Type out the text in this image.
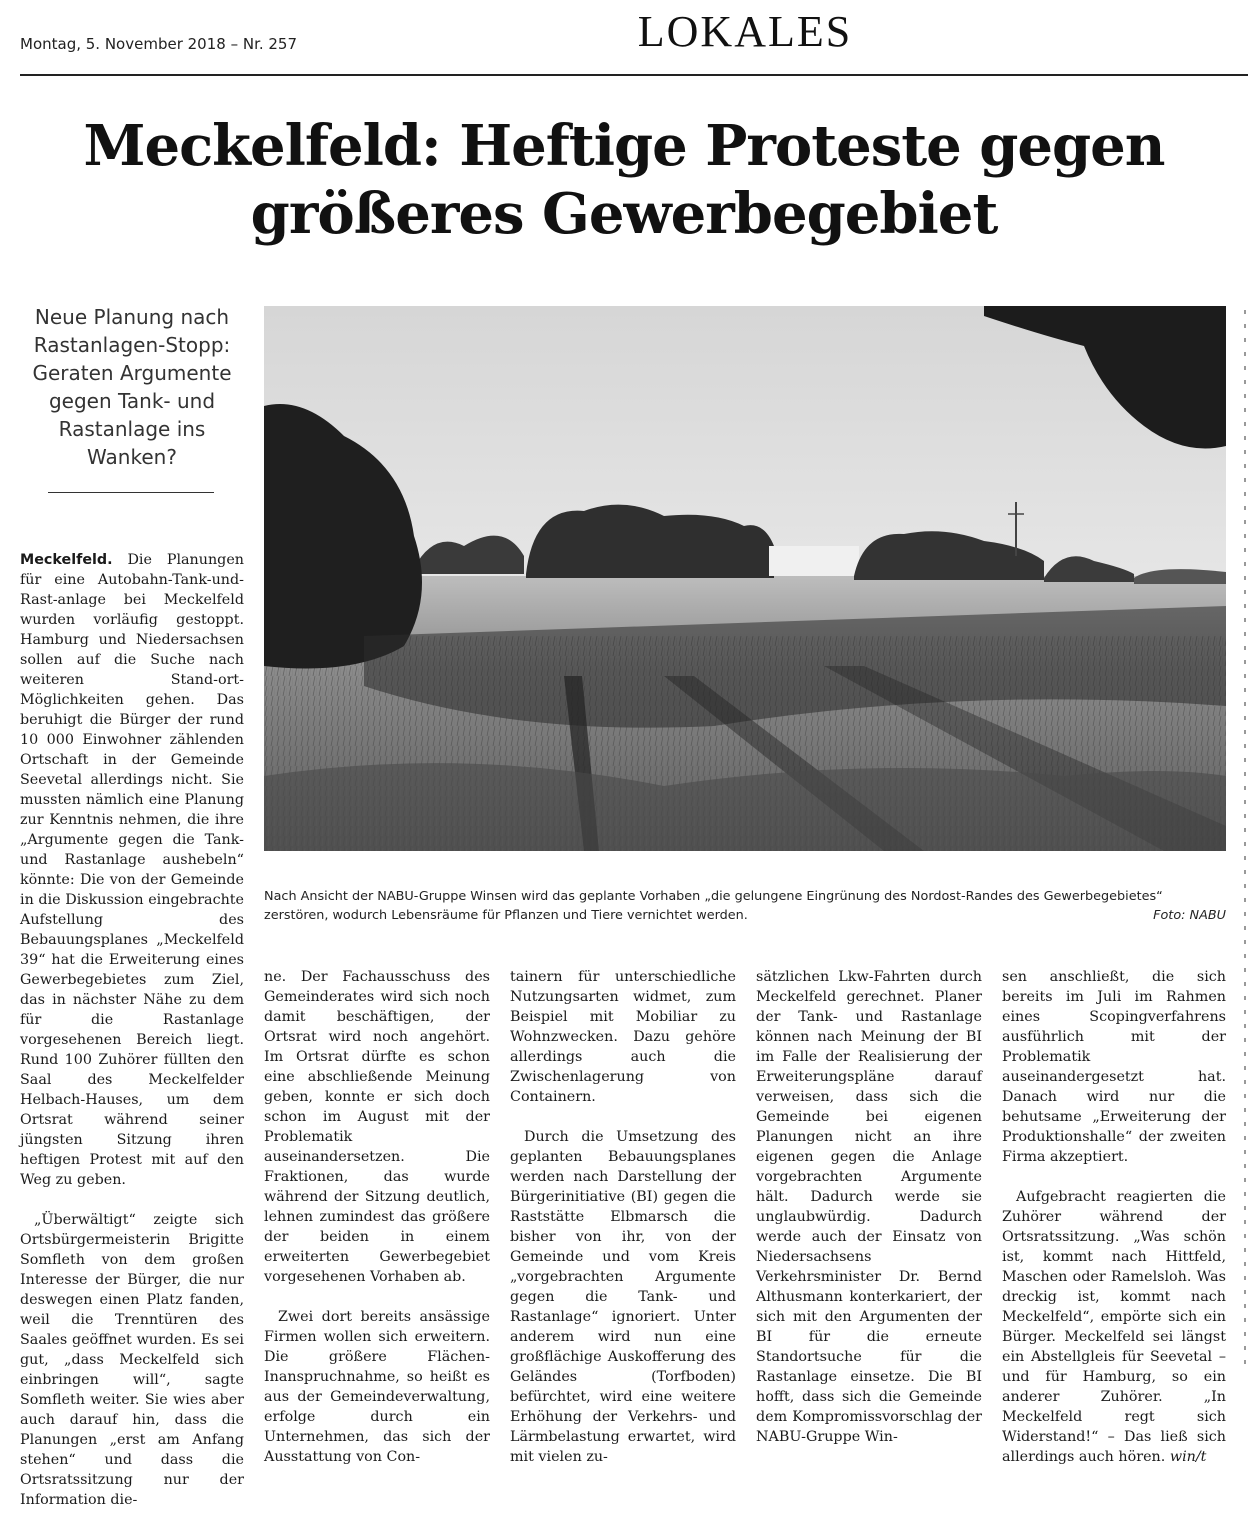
Montag, 5. November 2018 – Nr. 257	LOKALES
Meckelfeld: Heftige Proteste gegen größeres Gewerbegebiet
Neue Planung nach Rastanlagen-Stopp: Geraten Argumente gegen Tank- und Rastanlage ins Wanken?
Nach Ansicht der NABU-Gruppe Winsen wird das geplante Vorhaben „die gelungene Eingrünung des Nordost-Randes des Gewerbegebietes“ zerstören, wodurch Lebensräume für Pflanzen und Tiere vernichtet werden.	Foto: NABU

Meckelfeld. Die Planungen für eine Autobahn-Tank-und-Rast-anlage bei Meckelfeld wurden vorläufig gestoppt. Hamburg und Niedersachsen sollen auf die Suche nach weiteren Stand-ort-Möglichkeiten gehen. Das beruhigt die Bürger der rund 10 000 Einwohner zählenden Ortschaft in der Gemeinde Seevetal allerdings nicht. Sie mussten nämlich eine Planung zur Kenntnis nehmen, die ihre „Argumente gegen die Tank- und Rastanlage aushebeln“ könnte: Die von der Gemeinde in die Diskussion eingebrachte Aufstellung des Bebauungsplanes „Meckelfeld 39“ hat die Erweiterung eines Gewerbegebietes zum Ziel, das in nächster Nähe zu dem für die Rastanlage vorgesehenen Bereich liegt. Rund 100 Zuhörer füllten den Saal des Meckelfelder Helbach-Hauses, um dem Ortsrat während seiner jüngsten Sitzung ihren heftigen Protest mit auf den Weg zu geben.

„Überwältigt“ zeigte sich Ortsbürgermeisterin Brigitte Somfleth von dem großen Interesse der Bürger, die nur deswegen einen Platz fanden, weil die Trenntüren des Saales geöffnet wurden. Es sei gut, „dass Meckelfeld sich einbringen will“, sagte Somfleth weiter. Sie wies aber auch darauf hin, dass die Planungen „erst am Anfang stehen“ und dass die Ortsratssitzung nur der Information die-

ne. Der Fachausschuss des Gemeinderates wird sich noch damit beschäftigen, der Ortsrat wird noch angehört. Im Ortsrat dürfte es schon eine abschließende Meinung geben, konnte er sich doch schon im August mit der Problematik auseinandersetzen. Die Fraktionen, das wurde während der Sitzung deutlich, lehnen zumindest das größere der beiden in einem erweiterten Gewerbegebiet vorgesehenen Vorhaben ab.

Zwei dort bereits ansässige Firmen wollen sich erweitern. Die größere Flächen-Inanspruchnahme, so heißt es aus der Gemeindeverwaltung, erfolge durch ein Unternehmen, das sich der Ausstattung von Con-

tainern für unterschiedliche Nutzungsarten widmet, zum Beispiel mit Mobiliar zu Wohnzwecken. Dazu gehöre allerdings auch die Zwischenlagerung von Containern.

Durch die Umsetzung des geplanten Bebauungsplanes werden nach Darstellung der Bürgerinitiative (BI) gegen die Raststätte Elbmarsch die bisher von ihr, von der Gemeinde und vom Kreis „vorgebrachten Argumente gegen die Tank- und Rastanlage“ ignoriert. Unter anderem wird nun eine großflächige Auskofferung des Geländes (Torfboden) befürchtet, wird eine weitere Erhöhung der Verkehrs- und Lärmbelastung erwartet, wird mit vielen zu-

sätzlichen Lkw-Fahrten durch Meckelfeld gerechnet. Planer der Tank- und Rastanlage können nach Meinung der BI im Falle der Realisierung der Erweiterungspläne darauf verweisen, dass sich die Gemeinde bei eigenen Planungen nicht an ihre eigenen gegen die Anlage vorgebrachten Argumente hält. Dadurch werde sie unglaubwürdig. Dadurch werde auch der Einsatz von Niedersachsens Verkehrsminister Dr. Bernd Althusmann konterkariert, der sich mit den Argumenten der BI für die erneute Standortsuche für die Rastanlage einsetze. Die BI hofft, dass sich die Gemeinde dem Kompromissvorschlag der NABU-Gruppe Win-

sen anschließt, die sich bereits im Juli im Rahmen eines Scopingverfahrens ausführlich mit der Problematik auseinandergesetzt hat. Danach wird nur die behutsame „Erweiterung der Produktionshalle“ der zweiten Firma akzeptiert.

Aufgebracht reagierten die Zuhörer während der Ortsratssitzung. „Was schön ist, kommt nach Hittfeld, Maschen oder Ramelsloh. Was dreckig ist, kommt nach Meckelfeld“, empörte sich ein Bürger. Meckelfeld sei längst ein Abstellgleis für Seevetal – und für Hamburg, so ein anderer Zuhörer. „In Meckelfeld regt sich Widerstand!“ – Das ließ sich allerdings auch hören. win/t
